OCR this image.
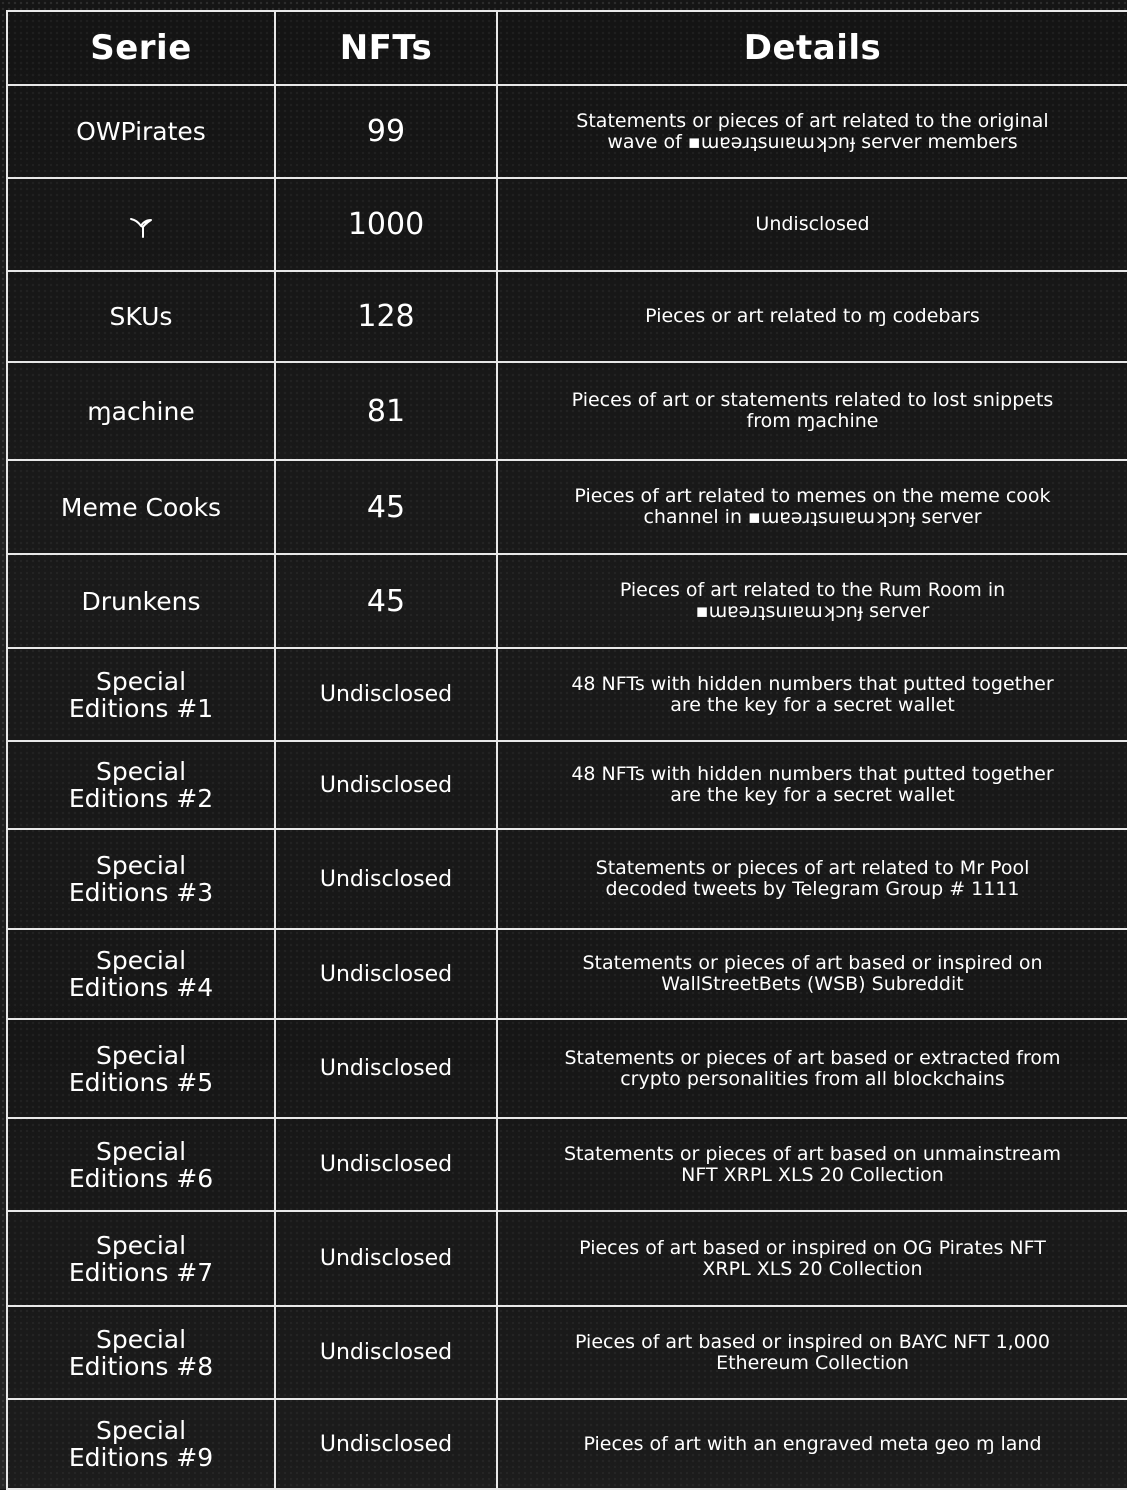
Serie	NFTs	Details

OWPirates	99	Statements or pieces of art related to the original
wave of ▪ɯɐǝɹʇsuıɐɯʞɔnɟ server members

	1000	Undisclosed

SKUs	128	Pieces or art related to ɱ codebars

ɱachine	81	Pieces of art or statements related to lost snippets
from ɱachine

Meme Cooks	45	Pieces of art related to memes on the meme cook
channel in ▪ɯɐǝɹʇsuıɐɯʞɔnɟ server

Drunkens	45	Pieces of art related to the Rum Room in
▪ɯɐǝɹʇsuıɐɯʞɔnɟ server

Special
Editions #1	Undisclosed	48 NFTs with hidden numbers that putted together
are the key for a secret wallet

Special
Editions #2	Undisclosed	48 NFTs with hidden numbers that putted together
are the key for a secret wallet

Special
Editions #3	Undisclosed	Statements or pieces of art related to Mr Pool
decoded tweets by Telegram Group # 1111

Special
Editions #4	Undisclosed	Statements or pieces of art based or inspired on
WallStreetBets (WSB) Subreddit

Special
Editions #5	Undisclosed	Statements or pieces of art based or extracted from
crypto personalities from all blockchains

Special
Editions #6	Undisclosed	Statements or pieces of art based on unmainstream
NFT XRPL XLS 20 Collection

Special
Editions #7	Undisclosed	Pieces of art based or inspired on OG Pirates NFT
XRPL XLS 20 Collection

Special
Editions #8	Undisclosed	Pieces of art based or inspired on BAYC NFT 1,000
Ethereum Collection

Special
Editions #9	Undisclosed	Pieces of art with an engraved meta geo ɱ land
